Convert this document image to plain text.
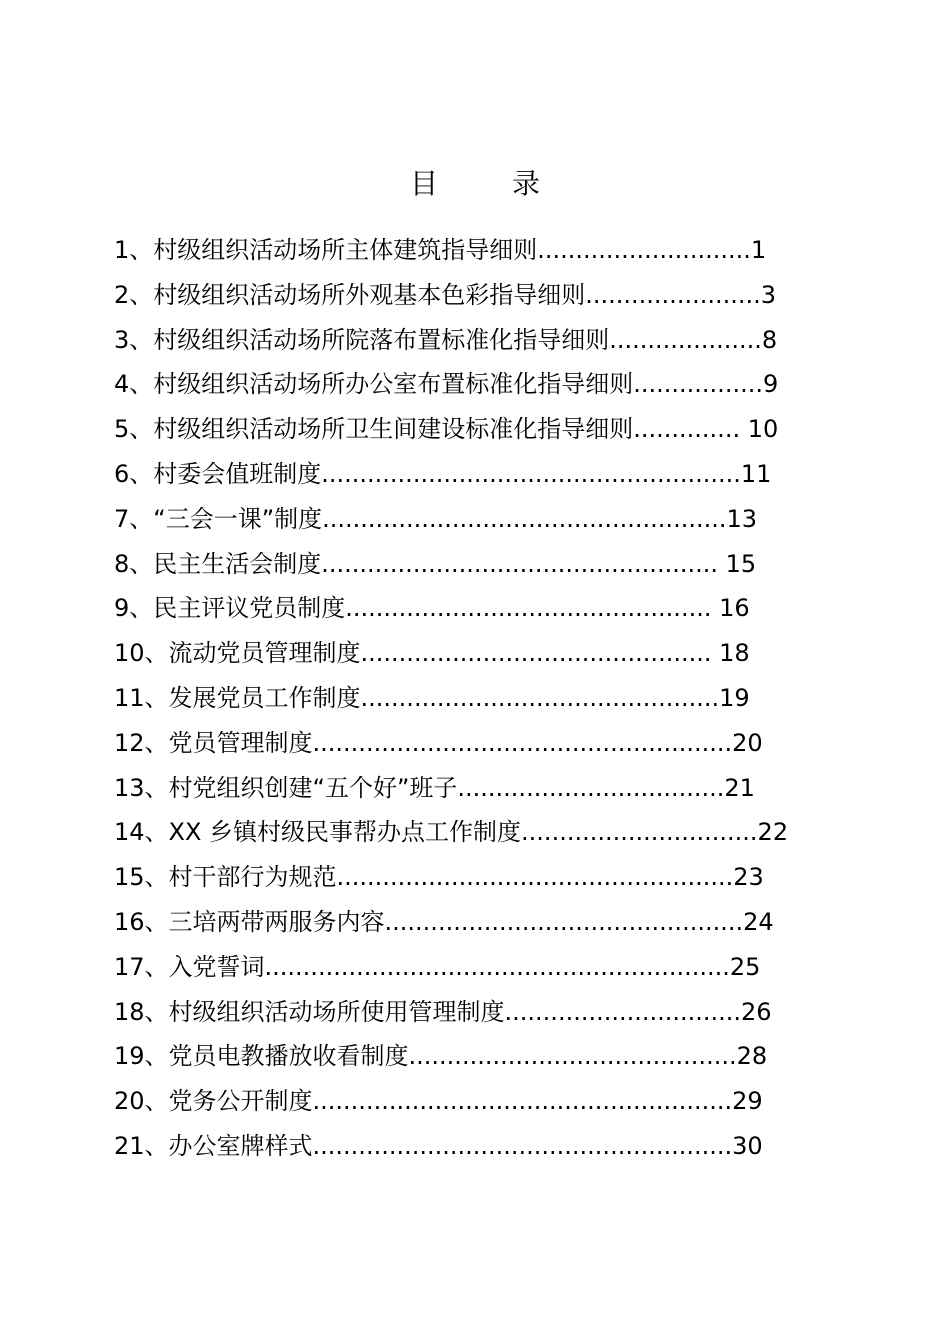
目	录
1、村级组织活动场所主体建筑指导细则............................1
2、村级组织活动场所外观基本色彩指导细则.......................3
3、村级组织活动场所院落布置标准化指导细则....................8
4、村级组织活动场所办公室布置标准化指导细则.................9
5、村级组织活动场所卫生间建设标准化指导细则.............. 10
6、村委会值班制度.......................................................11
7、“三会一课”制度.....................................................13
8、民主生活会制度.................................................... 15
9、民主评议党员制度................................................ 16
10、流动党员管理制度.............................................. 18
11、发展党员工作制度...............................................19
12、党员管理制度.......................................................20
13、村党组织创建“五个好”班子...................................21
14、XX 乡镇村级民事帮办点工作制度...............................22
15、村干部行为规范....................................................23
16、三培两带两服务内容...............................................24
17、入党誓词.............................................................25
18、村级组织活动场所使用管理制度...............................26
19、党员电教播放收看制度...........................................28
20、党务公开制度.......................................................29
21、办公室牌样式.......................................................30
